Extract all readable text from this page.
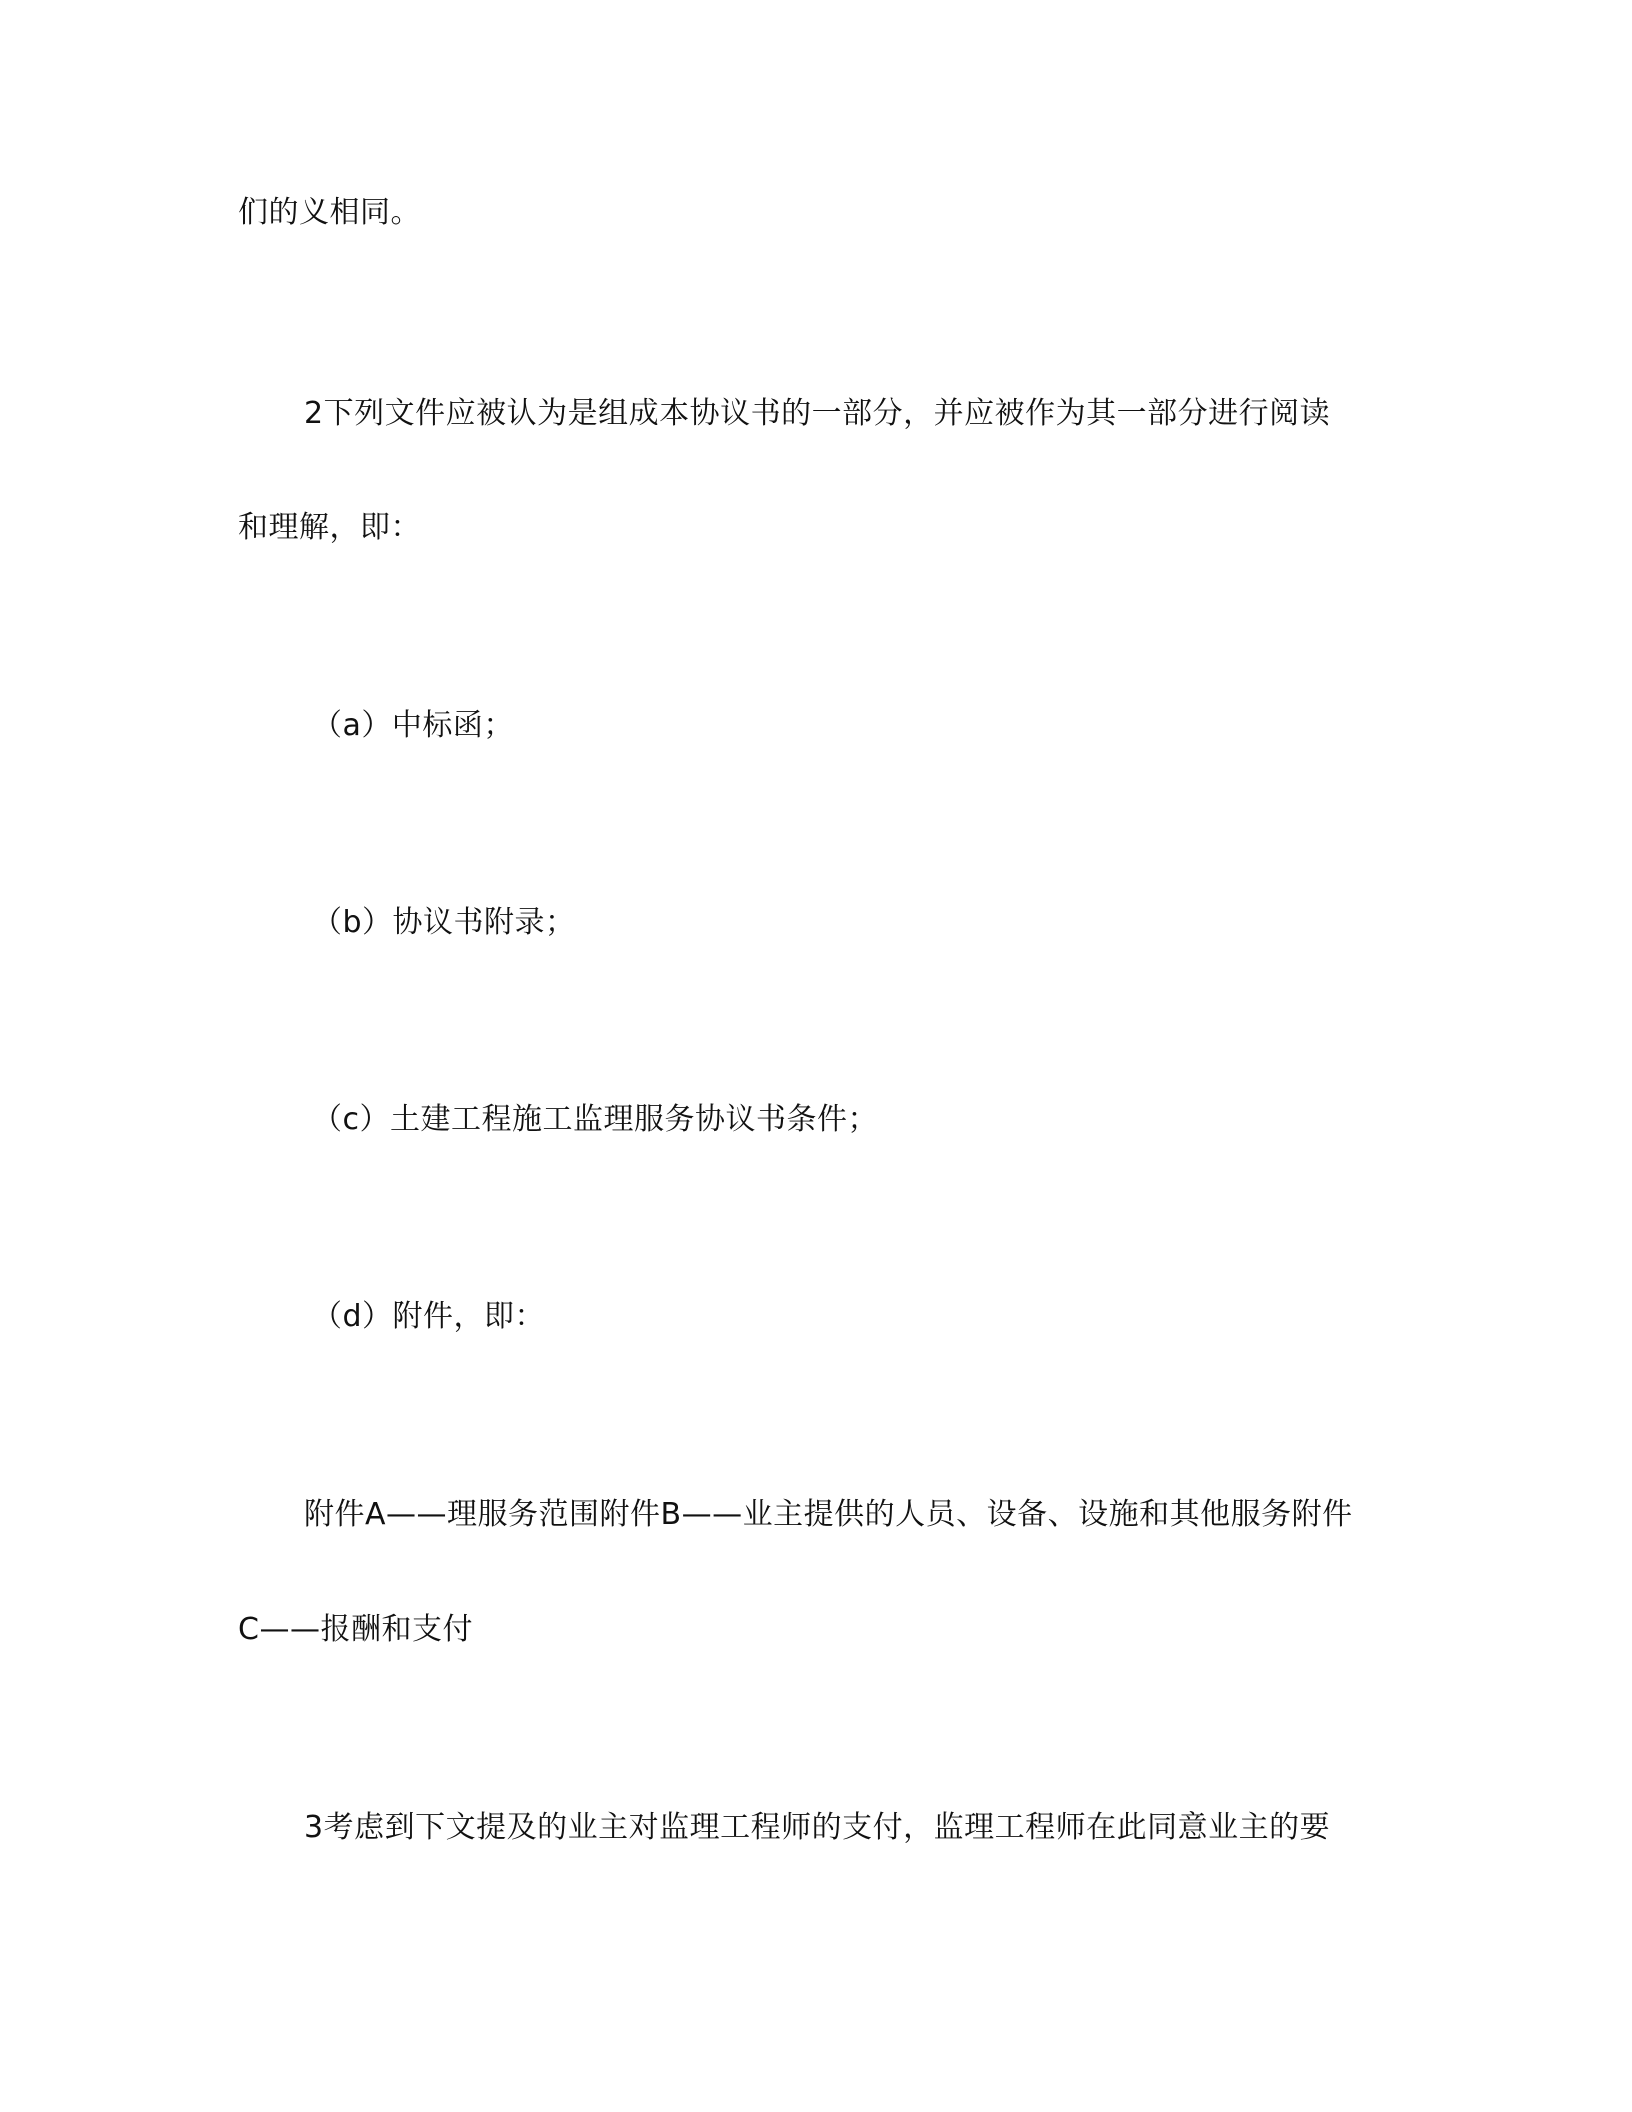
们的义相同。
2下列文件应被认为是组成本协议书的一部分，并应被作为其一部分进行阅读
和理解，即：
（a）中标函；
（b）协议书附录；
（c）土建工程施工监理服务协议书条件；
（d）附件，即：
附件A——理服务范围附件B——业主提供的人员、设备、设施和其他服务附件
C——报酬和支付
3考虑到下文提及的业主对监理工程师的支付，监理工程师在此同意业主的要
